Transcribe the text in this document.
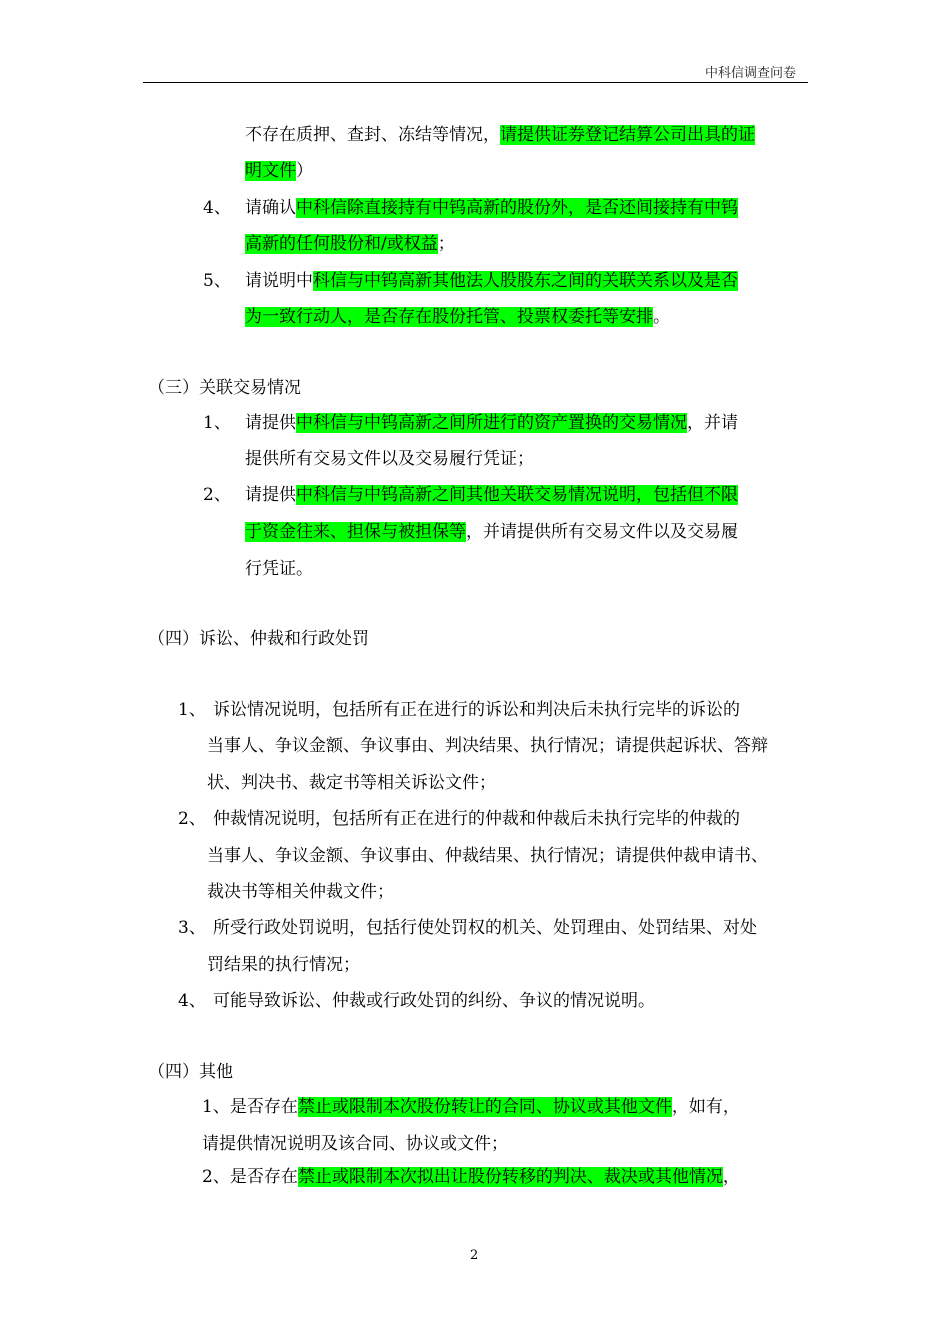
中科信调查问卷
不存在质押、查封、冻结等情况，请提供证券登记结算公司出具的证
明文件）
4、 请确认中科信除直接持有中钨高新的股份外，是否还间接持有中钨
高新的任何股份和/或权益；
5、 请说明中科信与中钨高新其他法人股股东之间的关联关系以及是否
为一致行动人，是否存在股份托管、投票权委托等安排。
（三）关联交易情况
1、 请提供中科信与中钨高新之间所进行的资产置换的交易情况，并请
提供所有交易文件以及交易履行凭证；
2、 请提供中科信与中钨高新之间其他关联交易情况说明，包括但不限
于资金往来、担保与被担保等，并请提供所有交易文件以及交易履
行凭证。
（四）诉讼、仲裁和行政处罚
1、 诉讼情况说明，包括所有正在进行的诉讼和判决后未执行完毕的诉讼的
当事人、争议金额、争议事由、判决结果、执行情况；请提供起诉状、答辩
状、判决书、裁定书等相关诉讼文件；
2、 仲裁情况说明，包括所有正在进行的仲裁和仲裁后未执行完毕的仲裁的
当事人、争议金额、争议事由、仲裁结果、执行情况；请提供仲裁申请书、
裁决书等相关仲裁文件；
3、 所受行政处罚说明，包括行使处罚权的机关、处罚理由、处罚结果、对处
罚结果的执行情况；
4、 可能导致诉讼、仲裁或行政处罚的纠纷、争议的情况说明。
（四）其他
1、是否存在禁止或限制本次股份转让的合同、协议或其他文件，如有，
请提供情况说明及该合同、协议或文件；
2、是否存在禁止或限制本次拟出让股份转移的判决、裁决或其他情况，
2
